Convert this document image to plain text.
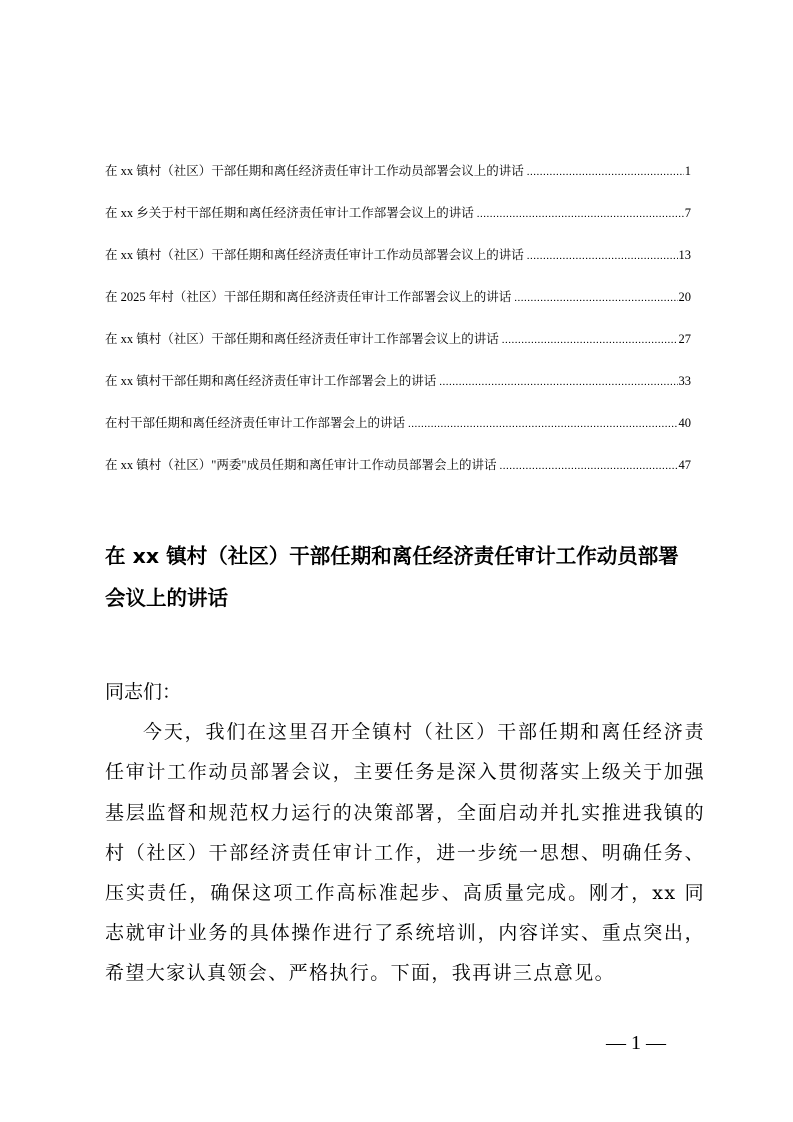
在 xx 镇村（社区）干部任期和离任经济责任审计工作动员部署会议上的讲话 .....	1
在 xx 乡关于村干部任期和离任经济责任审计工作部署会议上的讲话 .....	7
在 xx 镇村（社区）干部任期和离任经济责任审计工作动员部署会议上的讲话 .....	13
在 2025 年村（社区）干部任期和离任经济责任审计工作部署会议上的讲话 .....	20
在 xx 镇村（社区）干部任期和离任经济责任审计工作部署会议上的讲话 .....	27
在 xx 镇村干部任期和离任经济责任审计工作部署会上的讲话 .....	33
在村干部任期和离任经济责任审计工作部署会上的讲话 .....	40
在 xx 镇村（社区）"两委"成员任期和离任审计工作动员部署会上的讲话 .....	47
在 xx 镇村（社区）干部任期和离任经济责任审计工作动员部署会议上的讲话

同志们：

今天，我们在这里召开全镇村（社区）干部任期和离任经济责任审计工作动员部署会议，主要任务是深入贯彻落实上级关于加强基层监督和规范权力运行的决策部署，全面启动并扎实推进我镇的村（社区）干部经济责任审计工作，进一步统一思想、明确任务、压实责任，确保这项工作高标准起步、高质量完成。刚才，xx 同志就审计业务的具体操作进行了系统培训，内容详实、重点突出，希望大家认真领会、严格执行。下面，我再讲三点意见。

— 1 —
